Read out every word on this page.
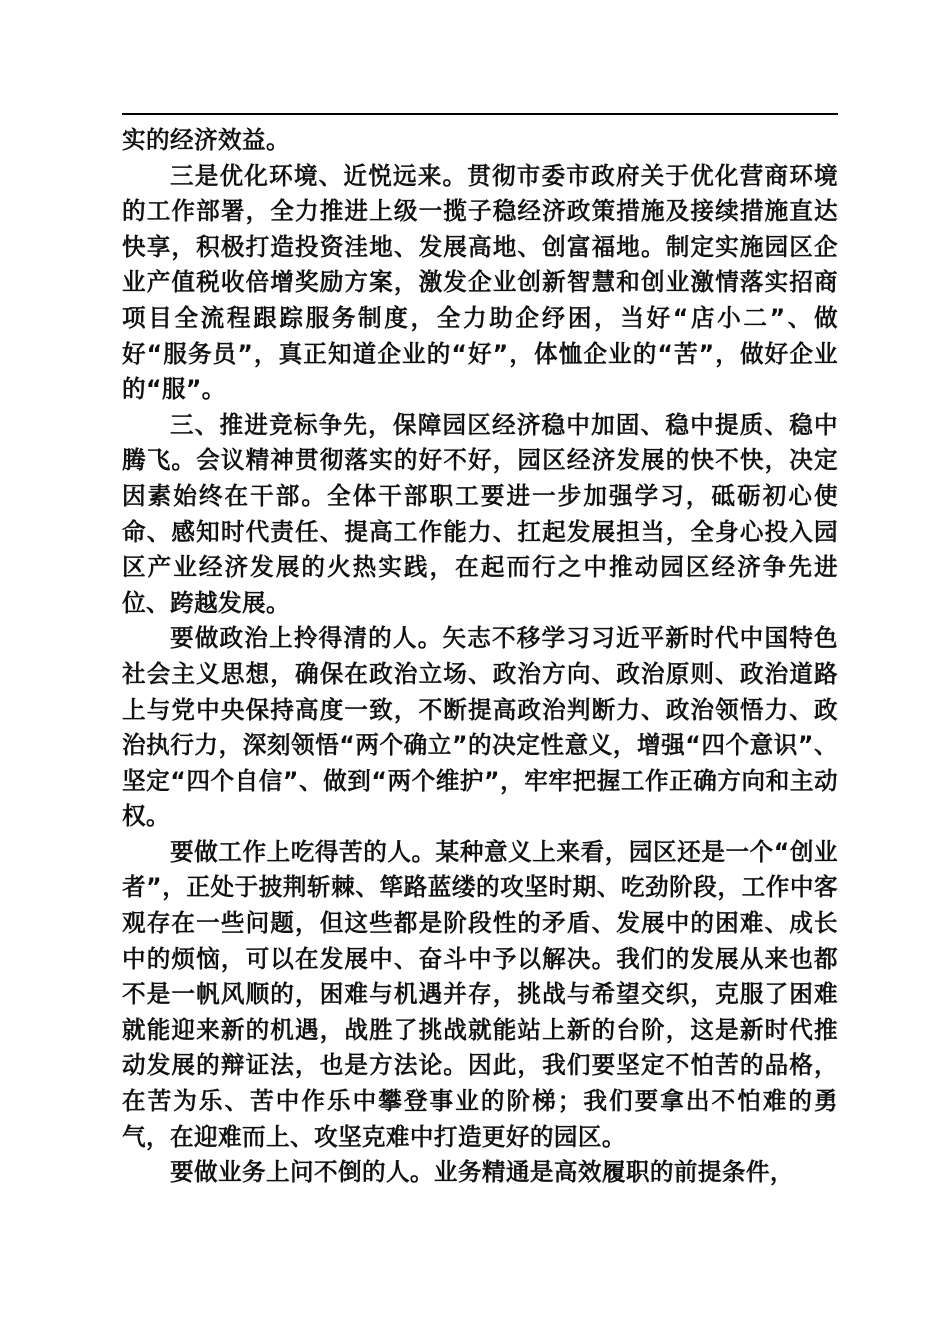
实的经济效益。

三是优化环境、近悦远来。贯彻市委市政府关于优化营商环境的工作部署，全力推进上级一揽子稳经济政策措施及接续措施直达快享，积极打造投资洼地、发展高地、创富福地。制定实施园区企业产值税收倍增奖励方案，激发企业创新智慧和创业激情落实招商项目全流程跟踪服务制度，全力助企纾困，当好“店小二”、做好“服务员”，真正知道企业的“好”，体恤企业的“苦”，做好企业的“服”。

三、推进竞标争先，保障园区经济稳中加固、稳中提质、稳中腾飞。会议精神贯彻落实的好不好，园区经济发展的快不快，决定因素始终在干部。全体干部职工要进一步加强学习，砥砺初心使命、感知时代责任、提高工作能力、扛起发展担当，全身心投入园区产业经济发展的火热实践，在起而行之中推动园区经济争先进位、跨越发展。

要做政治上拎得清的人。矢志不移学习习近平新时代中国特色社会主义思想，确保在政治立场、政治方向、政治原则、政治道路上与党中央保持高度一致，不断提高政治判断力、政治领悟力、政治执行力，深刻领悟“两个确立”的决定性意义，增强“四个意识”、坚定“四个自信”、做到“两个维护”，牢牢把握工作正确方向和主动权。

要做工作上吃得苦的人。某种意义上来看，园区还是一个“创业者”，正处于披荆斩棘、筚路蓝缕的攻坚时期、吃劲阶段，工作中客观存在一些问题，但这些都是阶段性的矛盾、发展中的困难、成长中的烦恼，可以在发展中、奋斗中予以解决。我们的发展从来也都不是一帆风顺的，困难与机遇并存，挑战与希望交织，克服了困难就能迎来新的机遇，战胜了挑战就能站上新的台阶，这是新时代推动发展的辩证法，也是方法论。因此，我们要坚定不怕苦的品格，在苦为乐、苦中作乐中攀登事业的阶梯；我们要拿出不怕难的勇气，在迎难而上、攻坚克难中打造更好的园区。

要做业务上问不倒的人。业务精通是高效履职的前提条件，
